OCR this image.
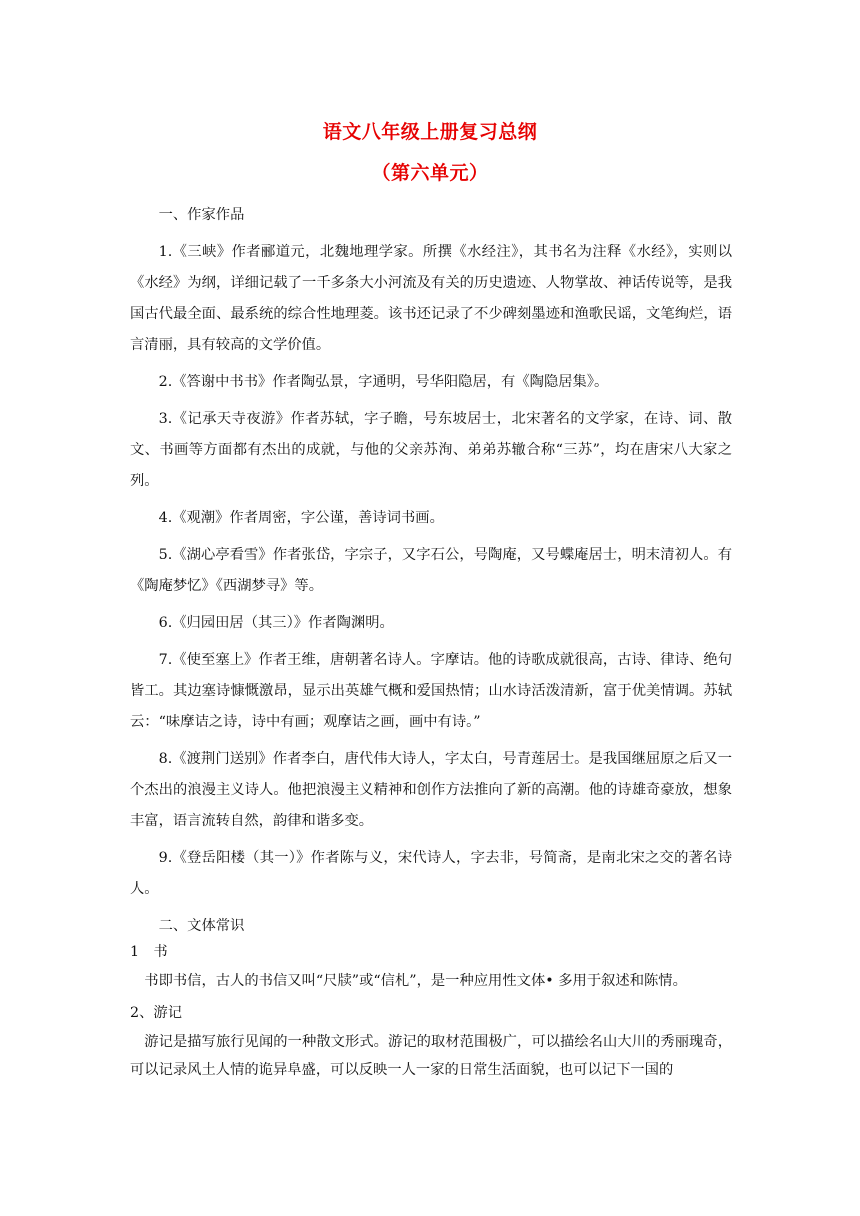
语文八年级上册复习总纲
（第六单元）

一、作家作品

1.《三峡》作者郦道元，北魏地理学家。所撰《水经注》，其书名为注释《水经》，实则以《水经》为纲，详细记载了一千多条大小河流及有关的历史遗迹、人物掌故、神话传说等，是我国古代最全面、最系统的综合性地理菱。该书还记录了不少碑刻墨迹和渔歌民谣，文笔绚烂，语言清丽，具有较高的文学价值。

2.《答谢中书书》作者陶弘景，字通明，号华阳隐居，有《陶隐居集》。

3.《记承天寺夜游》作者苏轼，字子瞻，号东坡居士，北宋著名的文学家，在诗、词、散文、书画等方面都有杰出的成就，与他的父亲苏洵、弟弟苏辙合称“三苏”，均在唐宋八大家之列。

4.《观潮》作者周密，字公谨，善诗词书画。

5.《湖心亭看雪》作者张岱，字宗子，又字石公，号陶庵，又号蝶庵居士，明末清初人。有《陶庵梦忆》《西湖梦寻》等。

6.《归园田居（其三）》作者陶渊明。

7.《使至塞上》作者王维，唐朝著名诗人。字摩诘。他的诗歌成就很高，古诗、律诗、绝句皆工。其边塞诗慷慨激昂，显示出英雄气概和爱国热情；山水诗活泼清新，富于优美情调。苏轼云：“味摩诘之诗，诗中有画；观摩诘之画，画中有诗。”

8.《渡荆门送别》作者李白，唐代伟大诗人，字太白，号青莲居士。是我国继屈原之后又一个杰出的浪漫主义诗人。他把浪漫主义精神和创作方法推向了新的高潮。他的诗雄奇豪放，想象丰富，语言流转自然，韵律和谐多变。

9.《登岳阳楼（其一）》作者陈与义，宋代诗人，字去非，号简斋，是南北宋之交的著名诗人。

二、文体常识

1　书

书即书信，古人的书信又叫“尺牍”或“信札”，是一种应用性文体• 多用于叙述和陈情。

2、游记

游记是描写旅行见闻的一种散文形式。游记的取材范围极广，可以描绘名山大川的秀丽瑰奇，可以记录风土人情的诡异阜盛，可以反映一人一家的日常生活面貌，也可以记下一国的
